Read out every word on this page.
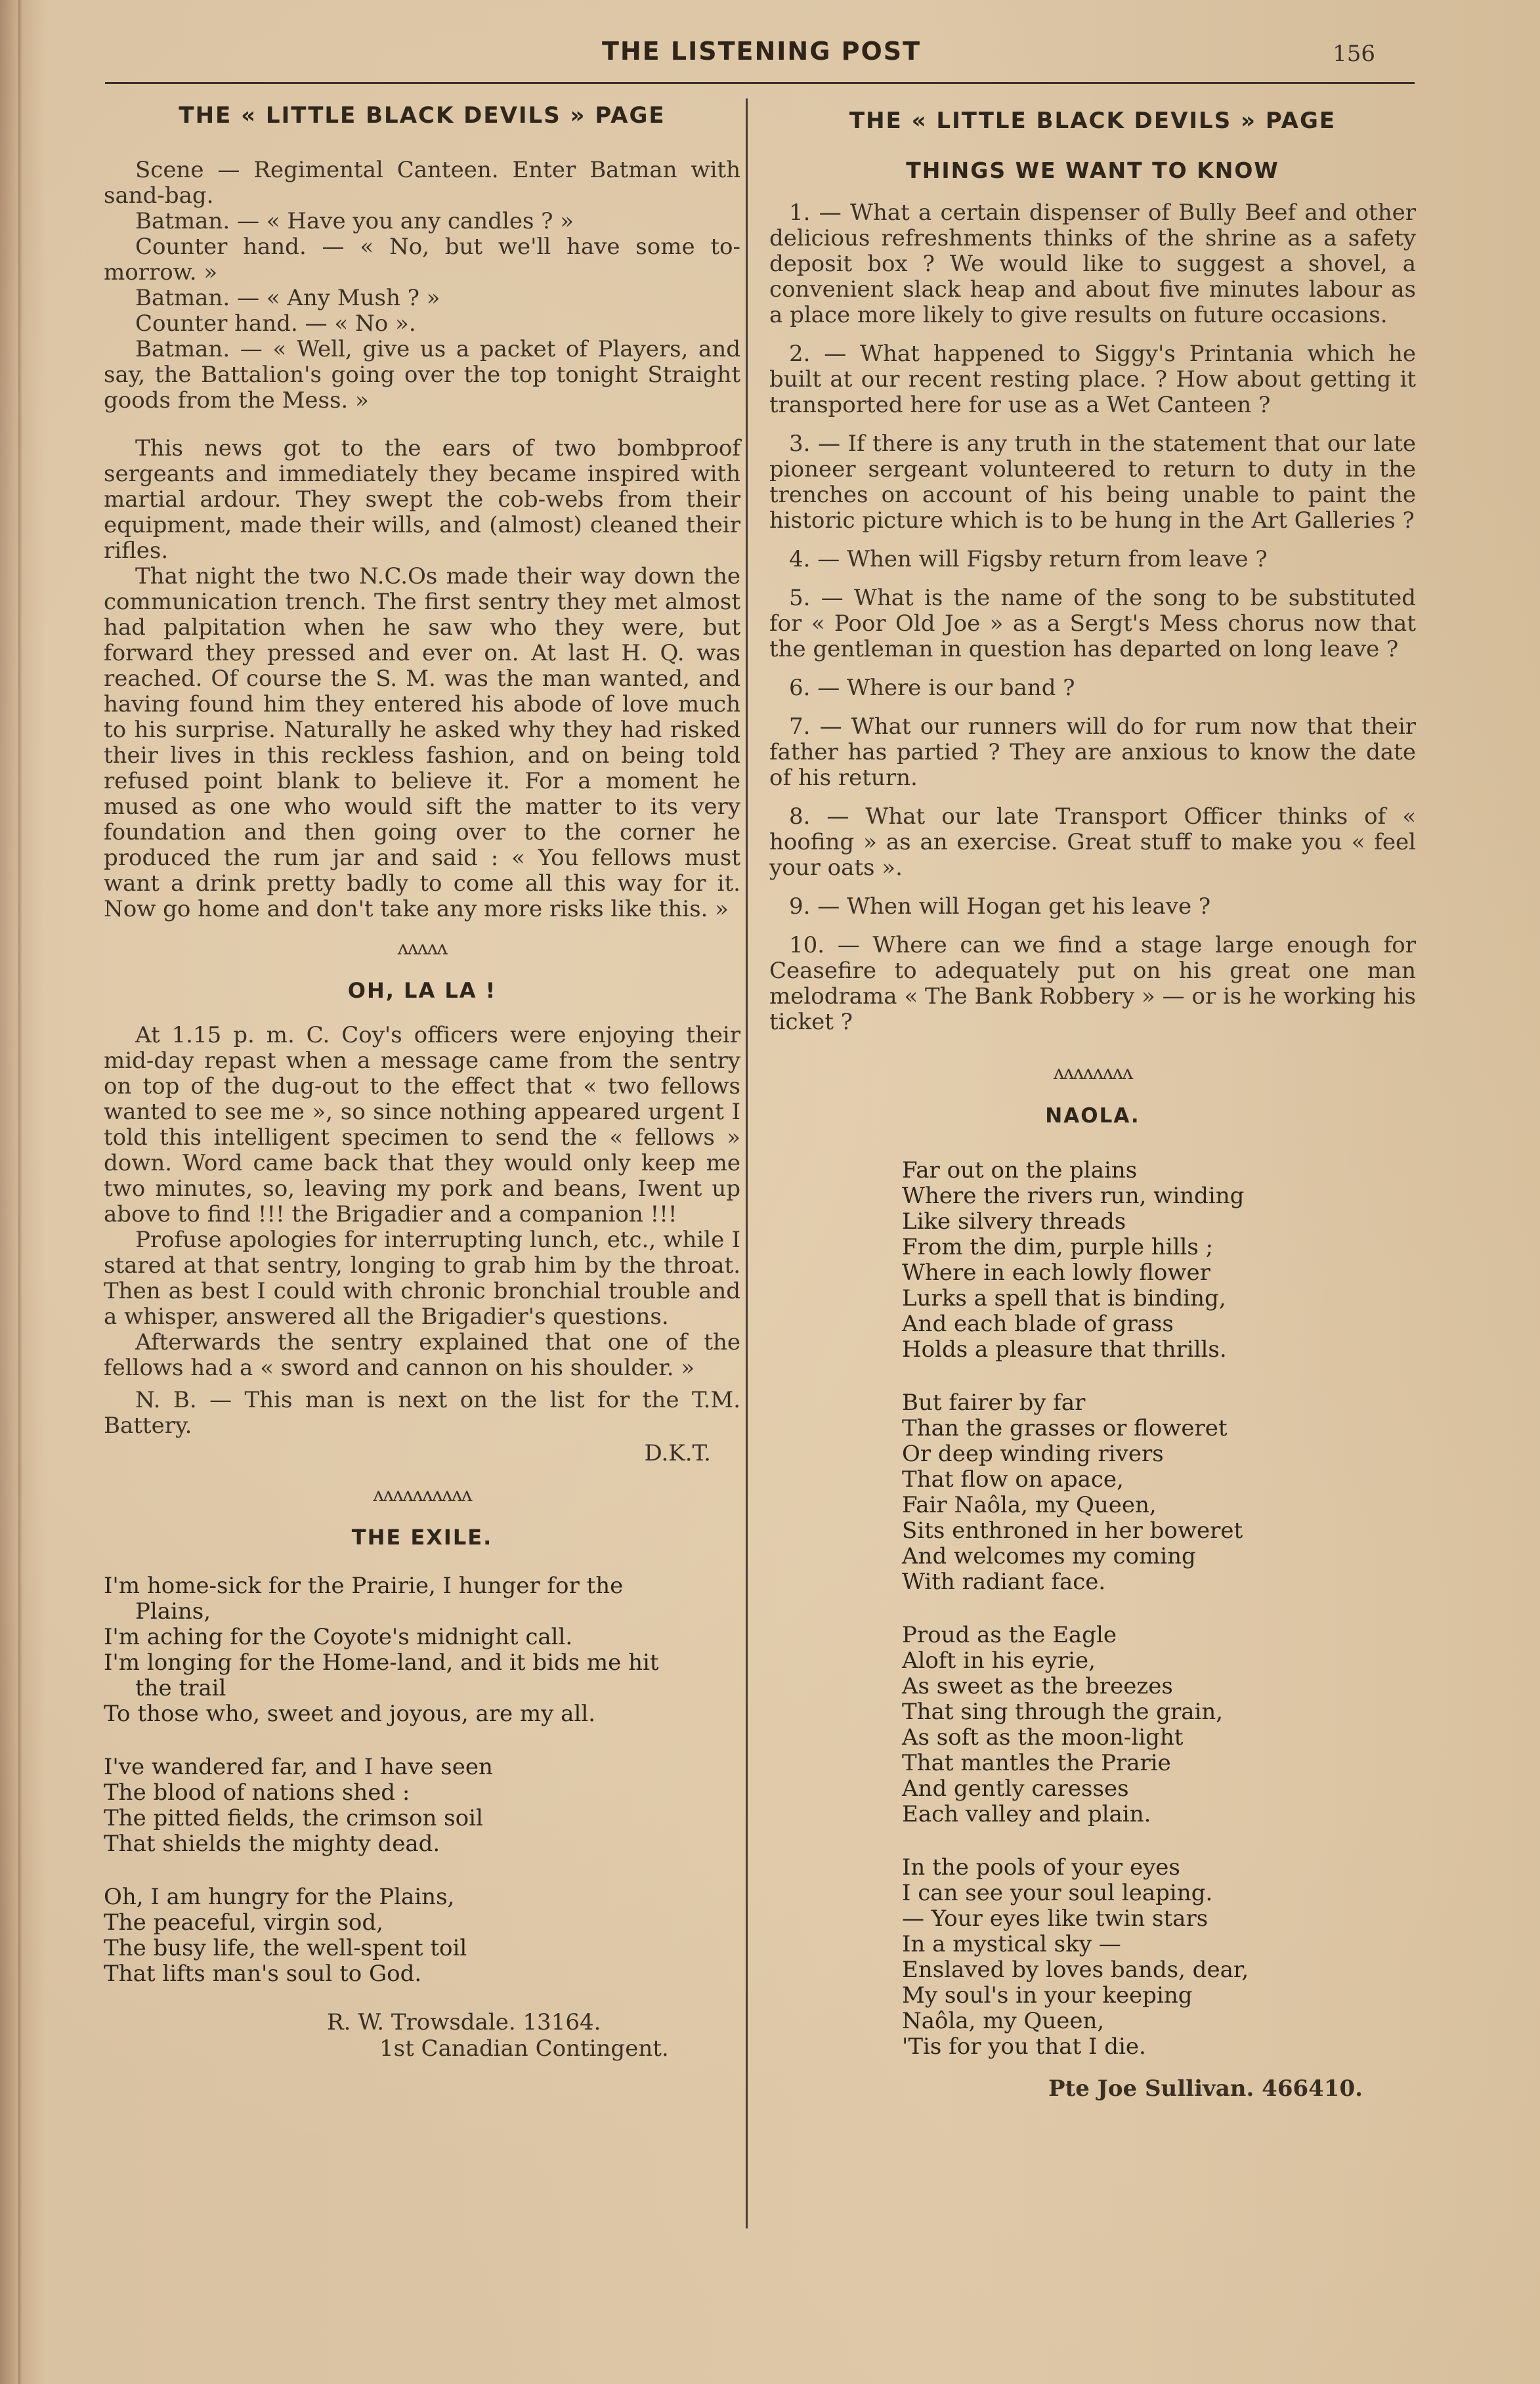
THE LISTENING POST	156
THE « LITTLE BLACK DEVILS » PAGE

Scene — Regimental Canteen. Enter Batman with sand-bag.

Batman. — « Have you any candles ? »

Counter hand. — « No, but we'll have some to-morrow. »

Batman. — « Any Mush ? »

Counter hand. — « No ».

Batman. — « Well, give us a packet of Players, and say, the Battalion's going over the top tonight Straight goods from the Mess. »

This news got to the ears of two bombproof sergeants and immediately they became inspired with martial ardour. They swept the cob-webs from their equipment, made their wills, and (almost) cleaned their rifles.

That night the two N.C.Os made their way down the communication trench. The first sentry they met almost had palpitation when he saw who they were, but forward they pressed and ever on. At last H. Q. was reached. Of course the S. M. was the man wanted, and having found him they entered his abode of love much to his surprise. Naturally he asked why they had risked their lives in this reckless fashion, and on being told refused point blank to believe it. For a moment he mused as one who would sift the matter to its very foundation and then going over to the corner he produced the rum jar and said : « You fellows must want a drink pretty badly to come all this way for it. Now go home and don't take any more risks like this. »

ʌʌʌʌʌ
OH, LA LA !

At 1.15 p. m. C. Coy's officers were enjoying their mid-day repast when a message came from the sentry on top of the dug-out to the effect that « two fellows wanted to see me », so since nothing appeared urgent I told this intelligent specimen to send the « fellows » down. Word came back that they would only keep me two minutes, so, leaving my pork and beans, Iwent up above to find !!! the Brigadier and a companion !!!

Profuse apologies for interrupting lunch, etc., while I stared at that sentry, longing to grab him by the throat. Then as best I could with chronic bronchial trouble and a whisper, answered all the Brigadier's questions.

Afterwards the sentry explained that one of the fellows had a « sword and cannon on his shoulder. »

N. B. — This man is next on the list for the T.M. Battery.

D.K.T.
ʌʌʌʌʌʌʌʌʌʌ
THE EXILE.
I'm home-sick for the Prairie, I hunger for the
Plains,
I'm aching for the Coyote's midnight call.
I'm longing for the Home-land, and it bids me hit
the trail
To those who, sweet and joyous, are my all.
I've wandered far, and I have seen
The blood of nations shed :
The pitted fields, the crimson soil
That shields the mighty dead.
Oh, I am hungry for the Plains,
The peaceful, virgin sod,
The busy life, the well-spent toil
That lifts man's soul to God.
R. W. Trowsdale. 13164.
1st Canadian Contingent.
THE « LITTLE BLACK DEVILS » PAGE
THINGS WE WANT TO KNOW

1. — What a certain dispenser of Bully Beef and other delicious refreshments thinks of the shrine as a safety deposit box ? We would like to suggest a shovel, a convenient slack heap and about five minutes labour as a place more likely to give results on future occasions.

2. — What happened to Siggy's Printania which he built at our recent resting place. ? How about getting it transported here for use as a Wet Canteen ?

3. — If there is any truth in the statement that our late pioneer sergeant volunteered to return to duty in the trenches on account of his being unable to paint the historic picture which is to be hung in the Art Galleries ?

4. — When will Figsby return from leave ?

5. — What is the name of the song to be substituted for « Poor Old Joe » as a Sergt's Mess chorus now that the gentleman in question has departed on long leave ?

6. — Where is our band ?

7. — What our runners will do for rum now that their father has partied ? They are anxious to know the date of his return.

8. — What our late Transport Officer thinks of « hoofing » as an exercise. Great stuff to make you « feel your oats ».

9. — When will Hogan get his leave ?

10. — Where can we find a stage large enough for Ceasefire to adequately put on his great one man melodrama « The Bank Robbery » — or is he working his ticket ?

ʌʌʌʌʌʌʌʌ
NAOLA.
Far out on the plains
Where the rivers run, winding
Like silvery threads
From the dim, purple hills ;
Where in each lowly flower
Lurks a spell that is binding,
And each blade of grass
Holds a pleasure that thrills.
But fairer by far
Than the grasses or floweret
Or deep winding rivers
That flow on apace,
Fair Naôla, my Queen,
Sits enthroned in her boweret
And welcomes my coming
With radiant face.
Proud as the Eagle
Aloft in his eyrie,
As sweet as the breezes
That sing through the grain,
As soft as the moon-light
That mantles the Prarie
And gently caresses
Each valley and plain.
In the pools of your eyes
I can see your soul leaping.
— Your eyes like twin stars
In a mystical sky —
Enslaved by loves bands, dear,
My soul's in your keeping
Naôla, my Queen,
'Tis for you that I die.
Pte Joe Sullivan. 466410.
